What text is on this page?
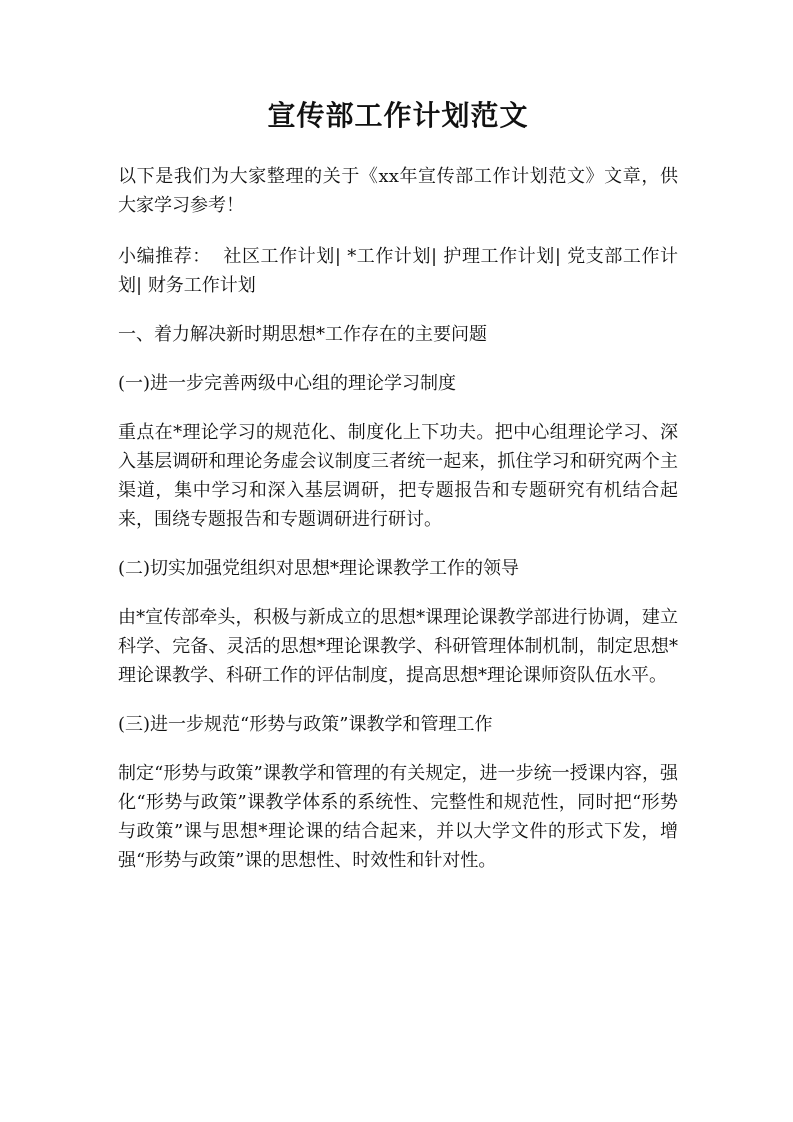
宣传部工作计划范文

以下是我们为大家整理的关于《xx年宣传部工作计划范文》文章，供大家学习参考！

小编推荐： 社区工作计划| *工作计划| 护理工作计划| 党支部工作计划| 财务工作计划

一、着力解决新时期思想*工作存在的主要问题

(一)进一步完善两级中心组的理论学习制度

重点在*理论学习的规范化、制度化上下功夫。把中心组理论学习、深入基层调研和理论务虚会议制度三者统一起来，抓住学习和研究两个主渠道，集中学习和深入基层调研，把专题报告和专题研究有机结合起来，围绕专题报告和专题调研进行研讨。

(二)切实加强党组织对思想*理论课教学工作的领导

由*宣传部牵头，积极与新成立的思想*课理论课教学部进行协调，建立科学、完备、灵活的思想*理论课教学、科研管理体制机制，制定思想*理论课教学、科研工作的评估制度，提高思想*理论课师资队伍水平。

(三)进一步规范“形势与政策”课教学和管理工作

制定“形势与政策”课教学和管理的有关规定，进一步统一授课内容，强化“形势与政策”课教学体系的系统性、完整性和规范性，同时把“形势与政策”课与思想*理论课的结合起来，并以大学文件的形式下发，增强“形势与政策”课的思想性、时效性和针对性。
